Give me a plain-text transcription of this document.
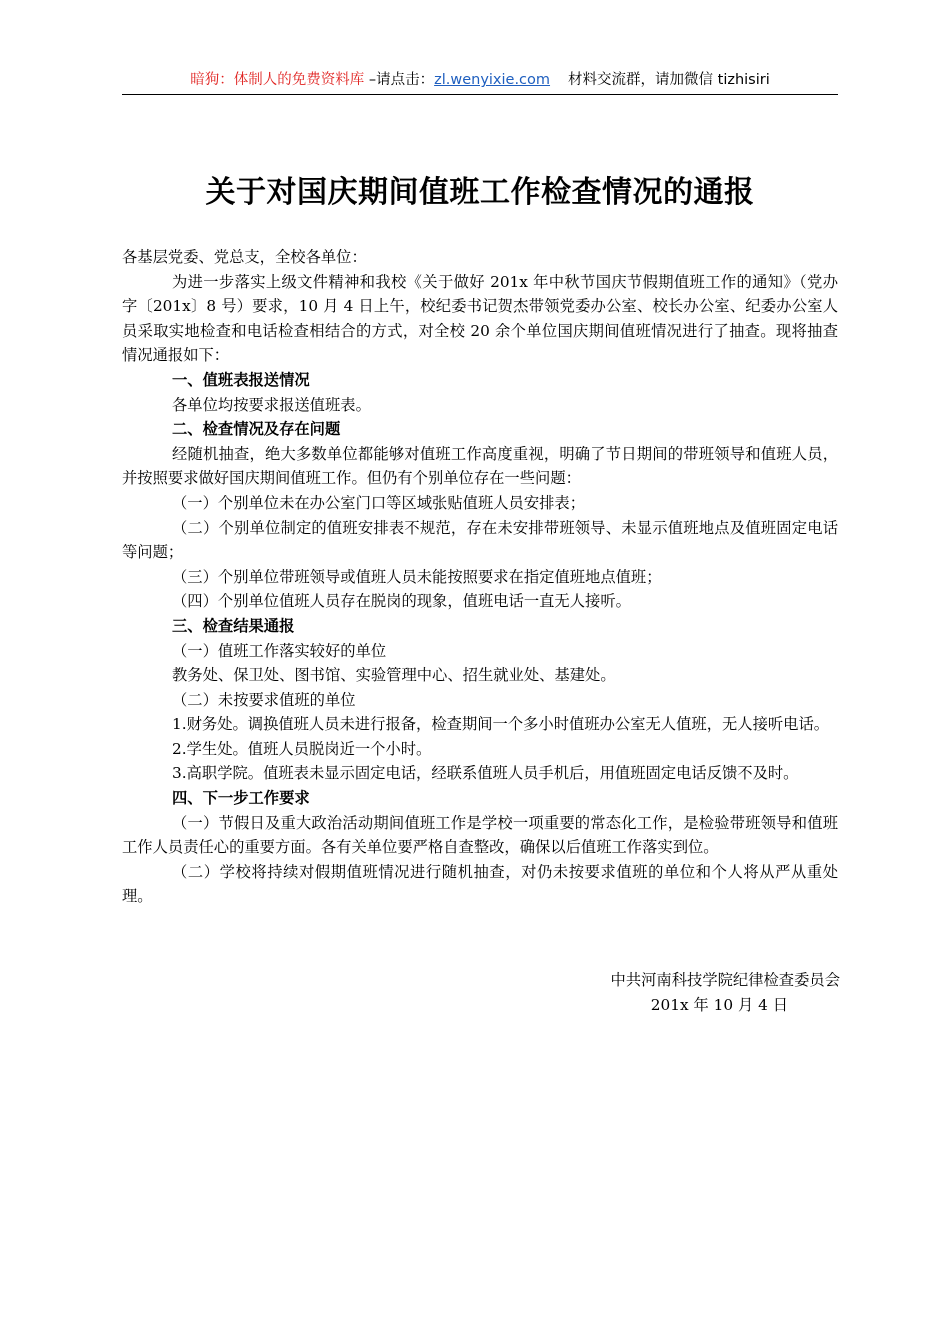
暗狗：体制人的免费资料库 –请点击：zl.wenyixie.com 材料交流群，请加微信 tizhisiri
关于对国庆期间值班工作检查情况的通报

各基层党委、党总支，全校各单位：

为进一步落实上级文件精神和我校《关于做好 201x 年中秋节国庆节假期值班工作的通知》（党办字〔201x〕8 号）要求，10 月 4 日上午，校纪委书记贺杰带领党委办公室、校长办公室、纪委办公室人员采取实地检查和电话检查相结合的方式，对全校 20 余个单位国庆期间值班情况进行了抽查。现将抽查情况通报如下：

一、值班表报送情况

各单位均按要求报送值班表。

二、检查情况及存在问题

经随机抽查，绝大多数单位都能够对值班工作高度重视，明确了节日期间的带班领导和值班人员，并按照要求做好国庆期间值班工作。但仍有个别单位存在一些问题：

（一）个别单位未在办公室门口等区域张贴值班人员安排表；

（二）个别单位制定的值班安排表不规范，存在未安排带班领导、未显示值班地点及值班固定电话等问题；

（三）个别单位带班领导或值班人员未能按照要求在指定值班地点值班；

（四）个别单位值班人员存在脱岗的现象，值班电话一直无人接听。

三、检查结果通报

（一）值班工作落实较好的单位

教务处、保卫处、图书馆、实验管理中心、招生就业处、基建处。

（二）未按要求值班的单位

1.财务处。调换值班人员未进行报备，检查期间一个多小时值班办公室无人值班，无人接听电话。

2.学生处。值班人员脱岗近一个小时。

3.高职学院。值班表未显示固定电话，经联系值班人员手机后，用值班固定电话反馈不及时。

四、下一步工作要求

（一）节假日及重大政治活动期间值班工作是学校一项重要的常态化工作，是检验带班领导和值班工作人员责任心的重要方面。各有关单位要严格自查整改，确保以后值班工作落实到位。

（二）学校将持续对假期值班情况进行随机抽查，对仍未按要求值班的单位和个人将从严从重处理。

中共河南科技学院纪律检查委员会

201x 年 10 月 4 日
